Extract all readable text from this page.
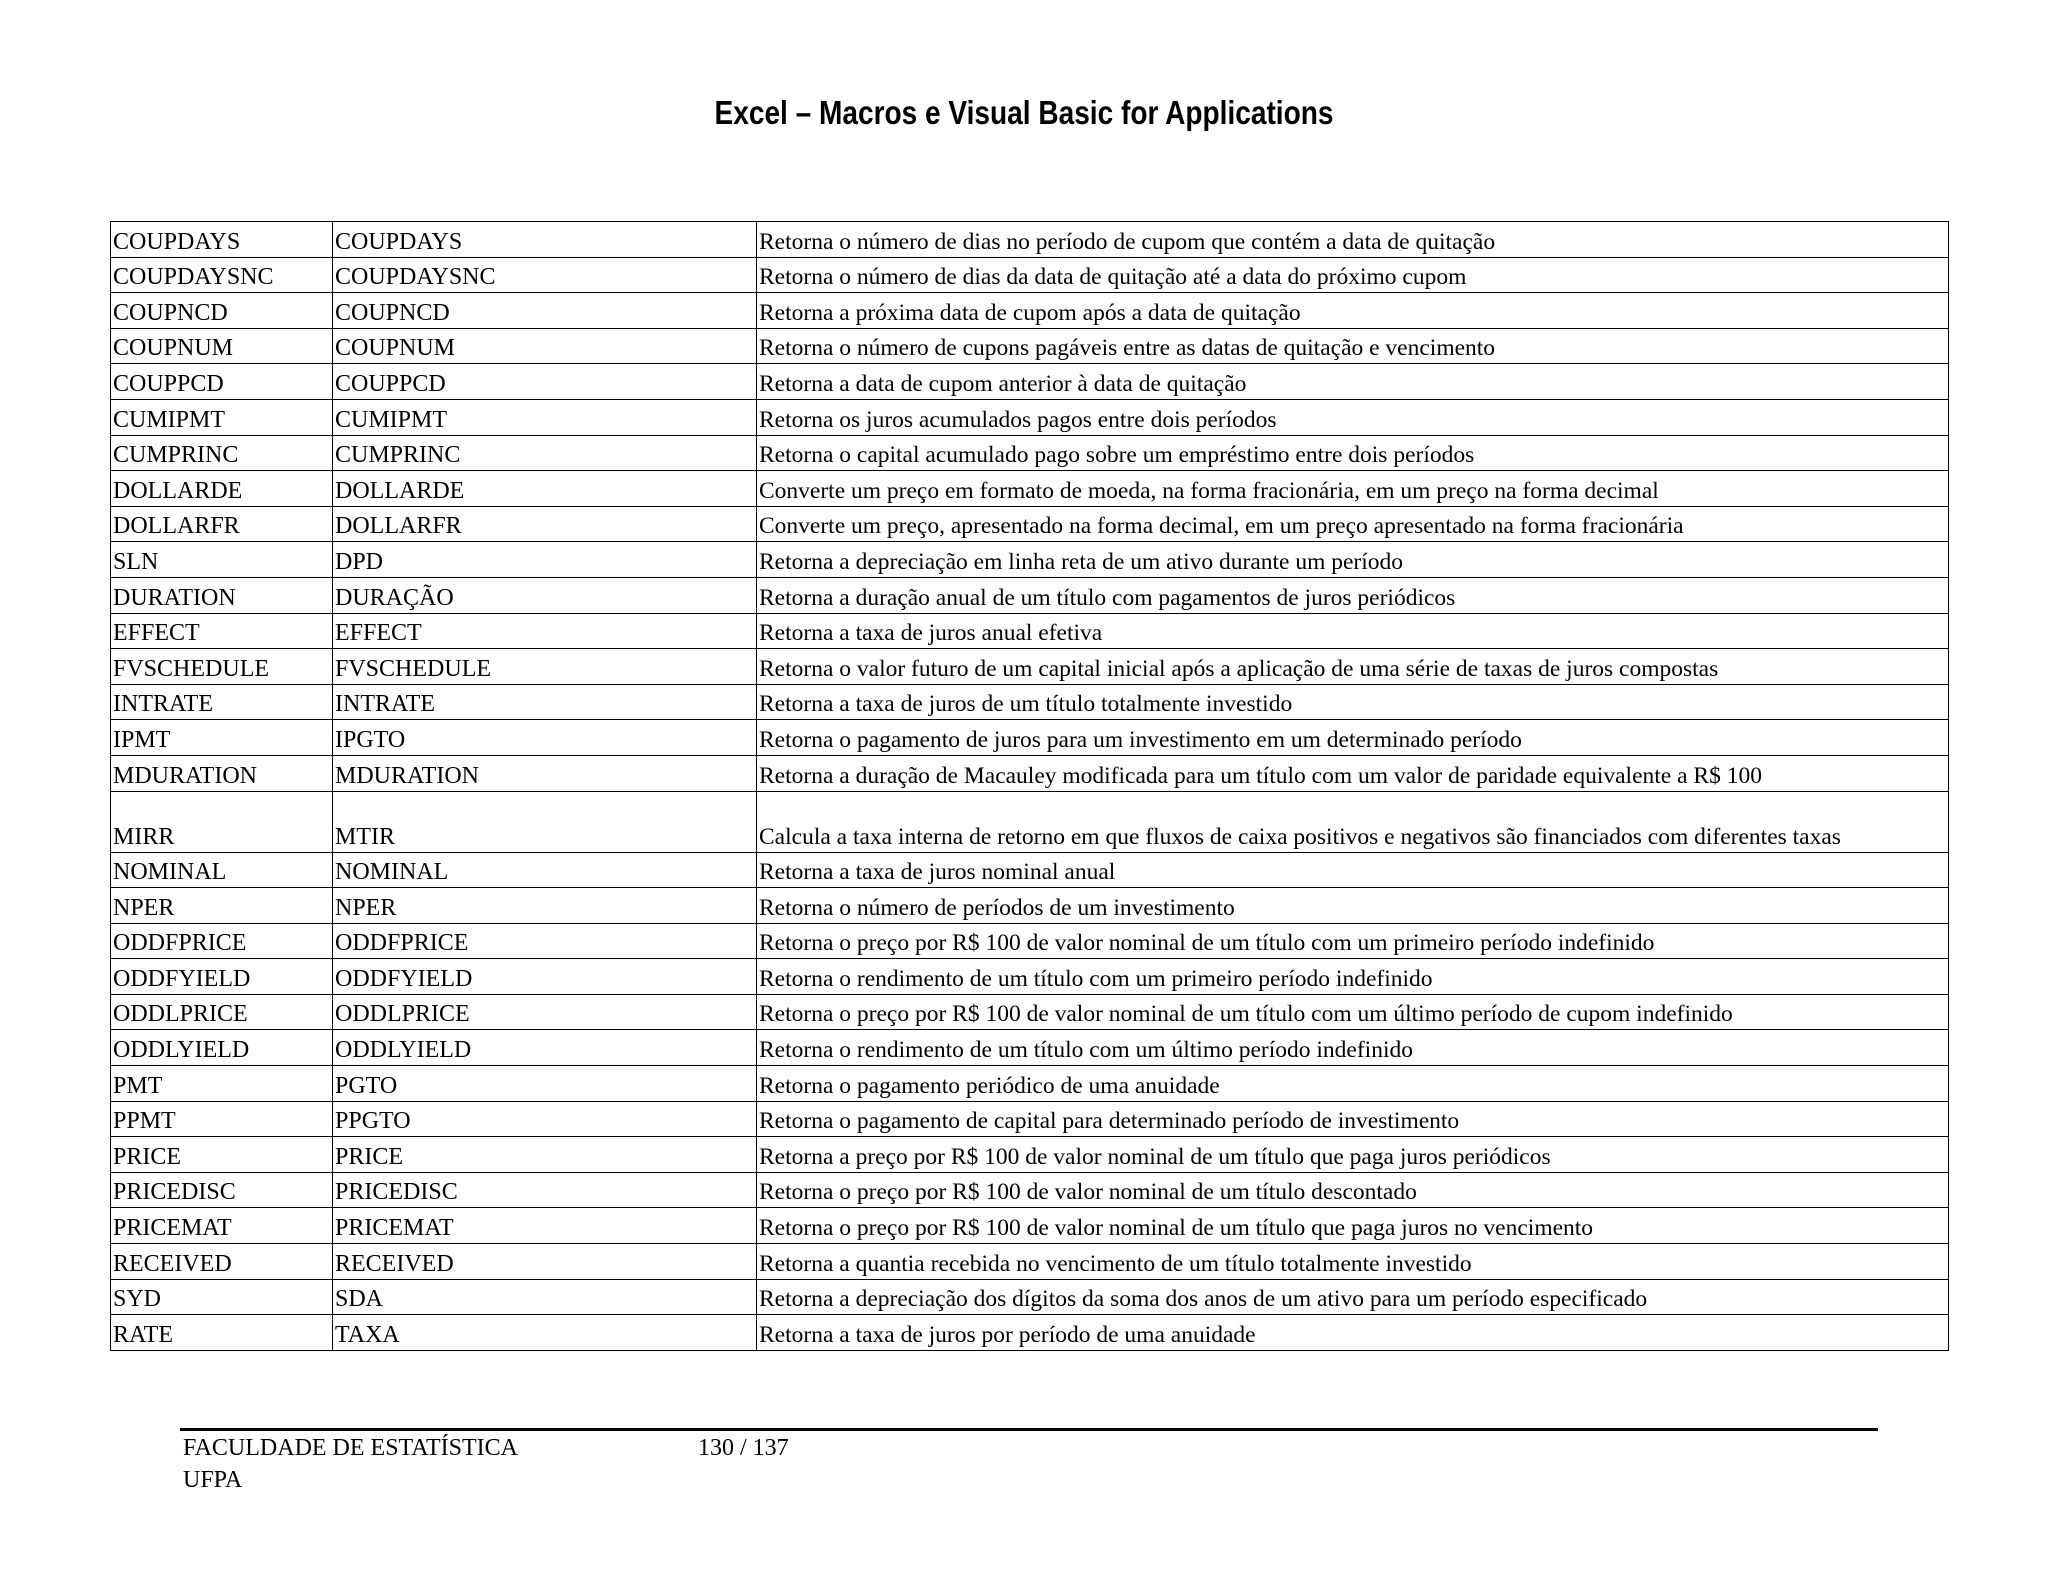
Excel – Macros e Visual Basic for Applications
COUPDAYS	COUPDAYS	Retorna o número de dias no período de cupom que contém a data de quitação
COUPDAYSNC	COUPDAYSNC	Retorna o número de dias da data de quitação até a data do próximo cupom
COUPNCD	COUPNCD	Retorna a próxima data de cupom após a data de quitação
COUPNUM	COUPNUM	Retorna o número de cupons pagáveis entre as datas de quitação e vencimento
COUPPCD	COUPPCD	Retorna a data de cupom anterior à data de quitação
CUMIPMT	CUMIPMT	Retorna os juros acumulados pagos entre dois períodos
CUMPRINC	CUMPRINC	Retorna o capital acumulado pago sobre um empréstimo entre dois períodos
DOLLARDE	DOLLARDE	Converte um preço em formato de moeda, na forma fracionária, em um preço na forma decimal
DOLLARFR	DOLLARFR	Converte um preço, apresentado na forma decimal, em um preço apresentado na forma fracionária
SLN	DPD	Retorna a depreciação em linha reta de um ativo durante um período
DURATION	DURAÇÃO	Retorna a duração anual de um título com pagamentos de juros periódicos
EFFECT	EFFECT	Retorna a taxa de juros anual efetiva
FVSCHEDULE	FVSCHEDULE	Retorna o valor futuro de um capital inicial após a aplicação de uma série de taxas de juros compostas
INTRATE	INTRATE	Retorna a taxa de juros de um título totalmente investido
IPMT	IPGTO	Retorna o pagamento de juros para um investimento em um determinado período
MDURATION	MDURATION	Retorna a duração de Macauley modificada para um título com um valor de paridade equivalente a R$ 100
MIRR	MTIR	Calcula a taxa interna de retorno em que fluxos de caixa positivos e negativos são financiados com diferentes taxas
NOMINAL	NOMINAL	Retorna a taxa de juros nominal anual
NPER	NPER	Retorna o número de períodos de um investimento
ODDFPRICE	ODDFPRICE	Retorna o preço por R$ 100 de valor nominal de um título com um primeiro período indefinido
ODDFYIELD	ODDFYIELD	Retorna o rendimento de um título com um primeiro período indefinido
ODDLPRICE	ODDLPRICE	Retorna o preço por R$ 100 de valor nominal de um título com um último período de cupom indefinido
ODDLYIELD	ODDLYIELD	Retorna o rendimento de um título com um último período indefinido
PMT	PGTO	Retorna o pagamento periódico de uma anuidade
PPMT	PPGTO	Retorna o pagamento de capital para determinado período de investimento
PRICE	PRICE	Retorna a preço por R$ 100 de valor nominal de um título que paga juros periódicos
PRICEDISC	PRICEDISC	Retorna o preço por R$ 100 de valor nominal de um título descontado
PRICEMAT	PRICEMAT	Retorna o preço por R$ 100 de valor nominal de um título que paga juros no vencimento
RECEIVED	RECEIVED	Retorna a quantia recebida no vencimento de um título totalmente investido
SYD	SDA	Retorna a depreciação dos dígitos da soma dos anos de um ativo para um período especificado
RATE	TAXA	Retorna a taxa de juros por período de uma anuidade
FACULDADE DE ESTATÍSTICA
UFPA
130 / 137
